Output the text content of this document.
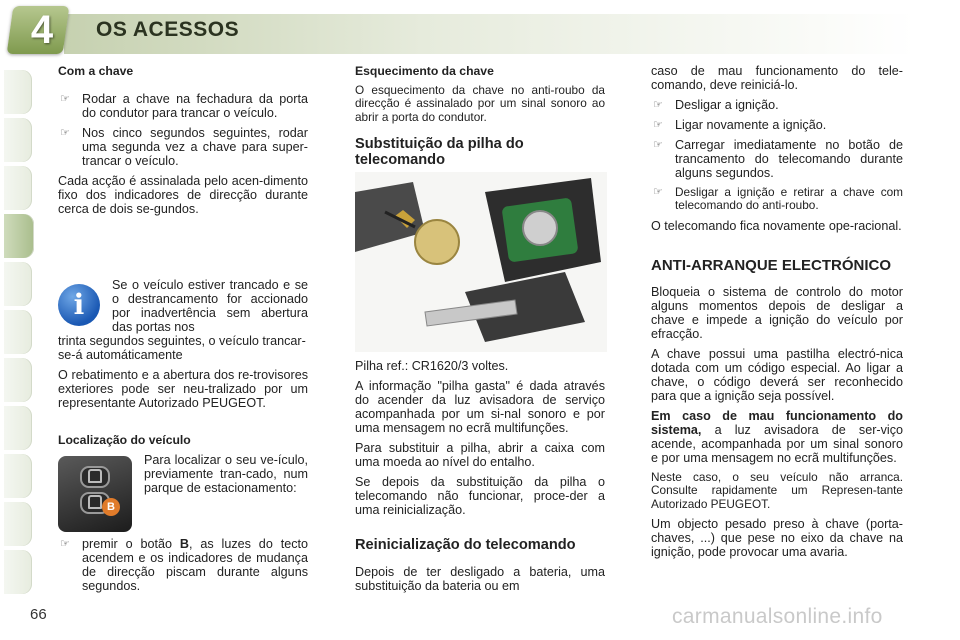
4	OS ACESSOS

Com a chave

☞ Rodar a chave na fechadura da porta do condutor para trancar o veículo.

☞ Nos cinco segundos seguintes, rodar uma segunda vez a chave para super-trancar o veículo.

Cada acção é assinalada pelo acen-dimento fixo dos indicadores de direcção durante cerca de dois se-gundos.

i
Se o veículo estiver trancado e se o destrancamento for accionado por inadvertência sem abertura das portas nos

trinta segundos seguintes, o veículo trancar-se-á automáticamente

O rebatimento e a abertura dos re-trovisores exteriores pode ser neu-tralizado por um representante Autorizado PEUGEOT.

Localização do veículo

B
Para localizar o seu ve-ículo, previamente tran-cado, num parque de estacionamento:

☞ premir o botão B, as luzes do tecto acendem e os indicadores de mudança de direcção piscam durante alguns segundos.

Esquecimento da chave

O esquecimento da chave no anti-roubo da direcção é assinalado por um sinal sonoro ao abrir a porta do condutor.

Substituição da pilha do telecomando

Pilha ref.: CR1620/3 voltes.

A informação "pilha gasta" é dada através do acender da luz avisadora de serviço acompanhada por um si-nal sonoro e por uma mensagem no ecrã multifunções.

Para substituir a pilha, abrir a caixa com uma moeda ao nível do entalho.

Se depois da substituição da pilha o telecomando não funcionar, proce-der a uma reinicialização.

Reinicialização do telecomando

Depois de ter desligado a bateria, uma substituição da bateria ou em

caso de mau funcionamento do tele-comando, deve reiniciá-lo.

☞ Desligar a ignição.

☞ Ligar novamente a ignição.

☞ Carregar imediatamente no botão de trancamento do telecomando durante alguns segundos.

☞ Desligar a ignição e retirar a chave com telecomando do anti-roubo.

O telecomando fica novamente ope-racional.

ANTI-ARRANQUE ELECTRÓNICO

Bloqueia o sistema de controlo do motor alguns momentos depois de desligar a chave e impede a ignição do veículo por efracção.

A chave possui uma pastilha electró-nica dotada com um código especial. Ao ligar a chave, o código deverá ser reconhecido para que a ignição seja possível.

Em caso de mau funcionamento do sistema, a luz avisadora de ser-viço acende, acompanhada por um sinal sonoro e por uma mensagem no ecrã multifunções.

Neste caso, o seu veículo não arranca. Consulte rapidamente um Represen-tante Autorizado PEUGEOT.

Um objecto pesado preso à chave (porta-chaves, ...) que pese no eixo da chave na ignição, pode provocar uma avaria.

66	carmanualsonline.info
